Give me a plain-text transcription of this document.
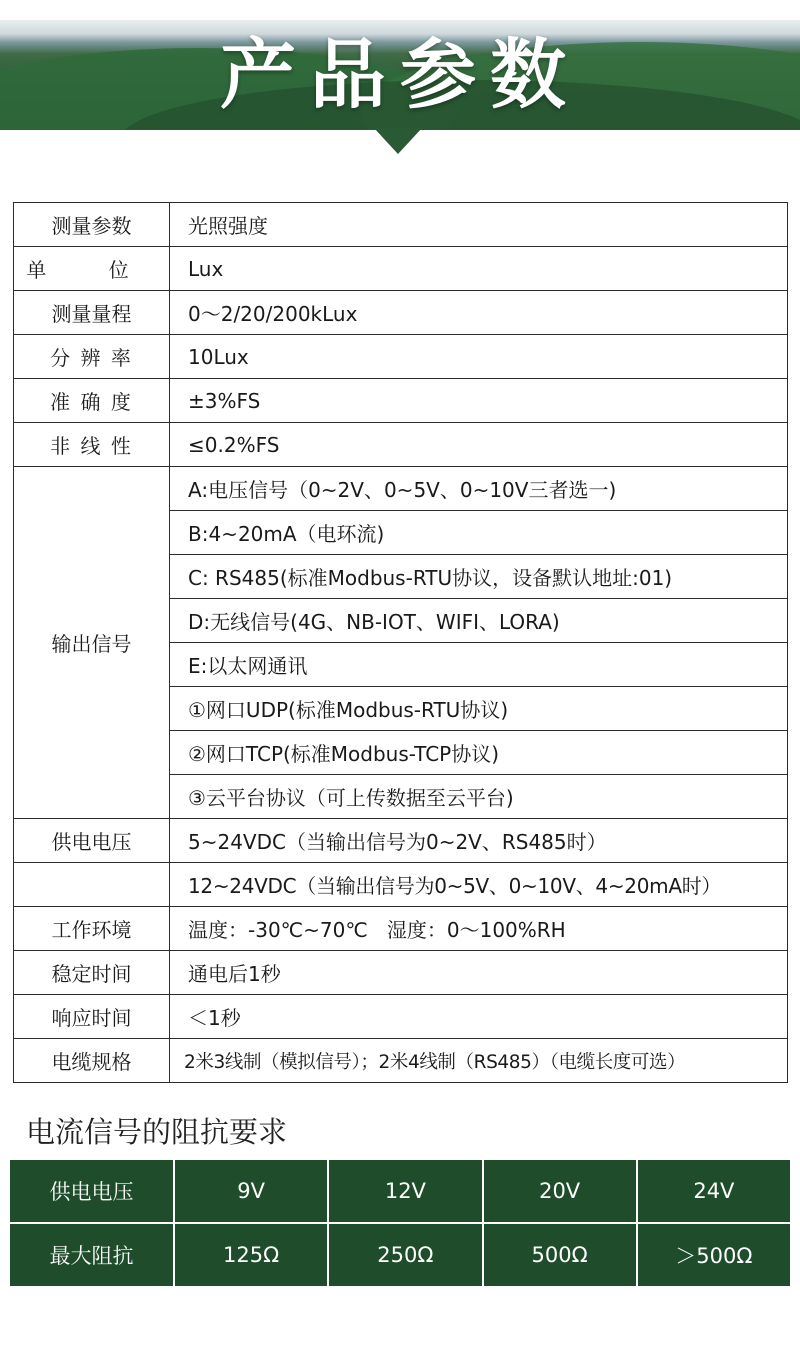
产品参数
测量参数	光照强度
单 位	Lux
测量量程	0～2/20/200kLux
分 辨 率	10Lux
准 确 度	±3%FS
非 线 性	≤0.2%FS
输出信号	A:电压信号（0~2V、0~5V、0~10V三者选一)
	B:4~20mA（电环流)
	C: RS485(标准Modbus-RTU协议，设备默认地址:01)
	D:无线信号(4G、NB-IOT、WIFI、LORA)
	E:以太网通讯
	①网口UDP(标准Modbus-RTU协议)
	②网口TCP(标准Modbus-TCP协议)
	③云平台协议（可上传数据至云平台)
供电电压	5~24VDC（当输出信号为0~2V、RS485时）
	12~24VDC（当输出信号为0~5V、0~10V、4~20mA时）
工作环境	温度：-30℃~70℃   湿度：0～100%RH
稳定时间	通电后1秒
响应时间	＜1秒
电缆规格	2米3线制（模拟信号）；2米4线制（RS485）（电缆长度可选）
电流信号的阻抗要求
供电电压	9V	12V	20V	24V
最大阻抗	125Ω	250Ω	500Ω	＞500Ω
